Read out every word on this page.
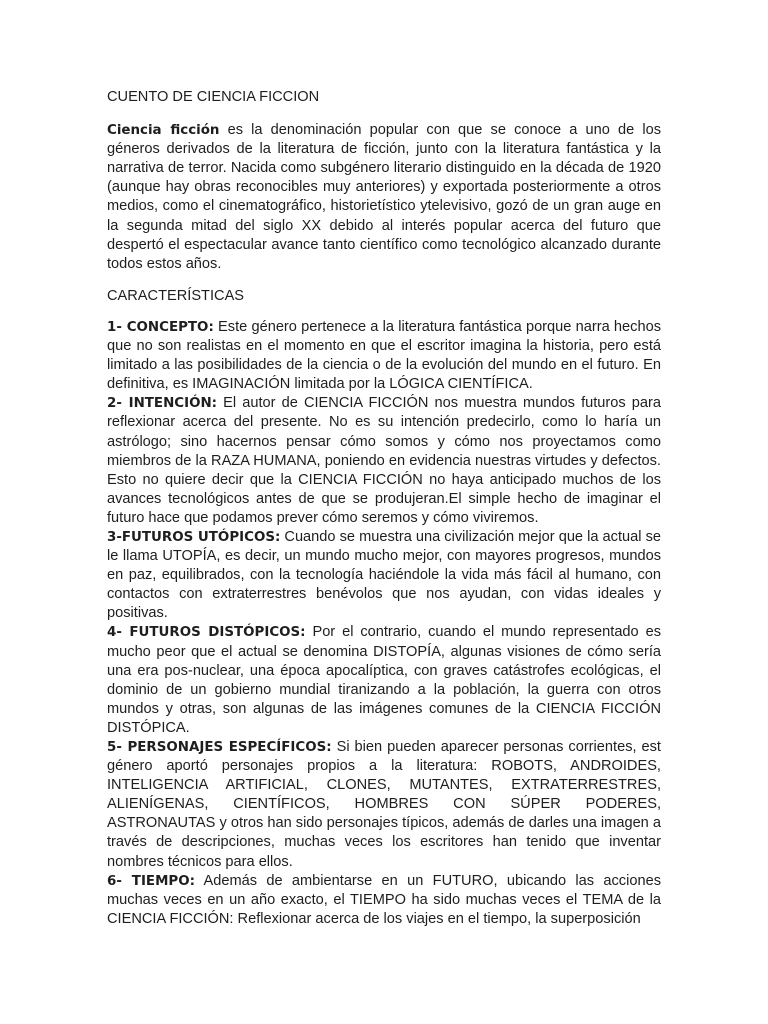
CUENTO DE CIENCIA FICCION

Ciencia ficción es la denominación popular con que se conoce a uno de los géneros derivados de la literatura de ficción, junto con la literatura fantástica y la narrativa de terror. Nacida como subgénero literario distinguido en la década de 1920 (aunque hay obras reconocibles muy anteriores) y exportada posteriormente a otros medios, como el cinematográfico, historietístico ytelevisivo, gozó de un gran auge en la segunda mitad del siglo XX debido al interés popular acerca del futuro que despertó el espectacular avance tanto científico como tecnológico alcanzado durante todos estos años.

CARACTERÍSTICAS

1- CONCEPTO: Este género pertenece a la literatura fantástica porque narra hechos que no son realistas en el momento en que el escritor imagina la historia, pero está limitado a las posibilidades de la ciencia o de la evolución del mundo en el futuro. En definitiva, es IMAGINACIÓN limitada por la LÓGICA CIENTÍFICA.

2- INTENCIÓN: El autor de CIENCIA FICCIÓN nos muestra mundos futuros para reflexionar acerca del presente. No es su intención predecirlo, como lo haría un astrólogo; sino hacernos pensar cómo somos y cómo nos proyectamos como miembros de la RAZA HUMANA, poniendo en evidencia nuestras virtudes y defectos. Esto no quiere decir que la CIENCIA FICCIÓN no haya anticipado muchos de los avances tecnológicos antes de que se produjeran.El simple hecho de imaginar el futuro hace que podamos prever cómo seremos y cómo viviremos.

3-FUTUROS UTÓPICOS: Cuando se muestra una civilización mejor que la actual se le llama UTOPÍA, es decir, un mundo mucho mejor, con mayores progresos, mundos en paz, equilibrados, con la tecnología haciéndole la vida más fácil al humano, con contactos con extraterrestres benévolos que nos ayudan, con vidas ideales y positivas.

4- FUTUROS DISTÓPICOS: Por el contrario, cuando el mundo representado es mucho peor que el actual se denomina DISTOPÍA, algunas visiones de cómo sería una era pos-nuclear, una época apocalíptica, con graves catástrofes ecológicas, el dominio de un gobierno mundial tiranizando a la población, la guerra con otros mundos y otras, son algunas de las imágenes comunes de la CIENCIA FICCIÓN DISTÓPICA.

5- PERSONAJES ESPECÍFICOS: Si bien pueden aparecer personas corrientes, est género aportó personajes propios a la literatura: ROBOTS, ANDROIDES, INTELIGENCIA ARTIFICIAL, CLONES, MUTANTES, EXTRATERRESTRES, ALIENÍGENAS, CIENTÍFICOS, HOMBRES CON SÚPER PODERES, ASTRONAUTAS y otros han sido personajes típicos, además de darles una imagen a través de descripciones, muchas veces los escritores han tenido que inventar nombres técnicos para ellos.

6- TIEMPO: Además de ambientarse en un FUTURO, ubicando las acciones muchas veces en un año exacto, el TIEMPO ha sido muchas veces el TEMA de la CIENCIA FICCIÓN: Reflexionar acerca de los viajes en el tiempo, la superposición
